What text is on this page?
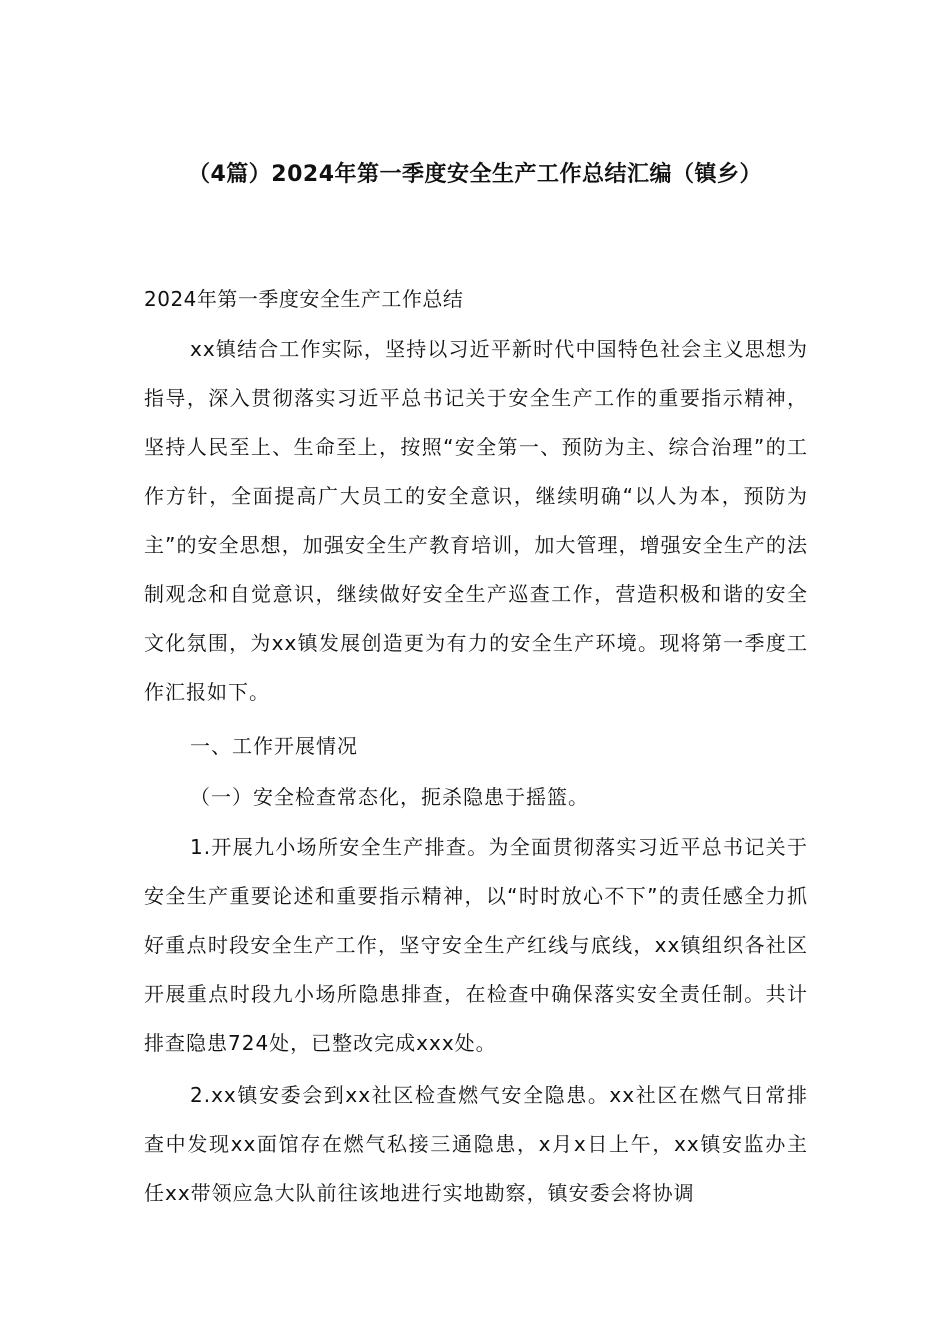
（4篇）2024年第一季度安全生产工作总结汇编（镇乡）
2024年第一季度安全生产工作总结

xx镇结合工作实际，坚持以习近平新时代中国特色社会主义思想为指导，深入贯彻落实习近平总书记关于安全生产工作的重要指示精神，坚持人民至上、生命至上，按照“安全第一、预防为主、综合治理”的工作方针，全面提高广大员工的安全意识，继续明确“以人为本，预防为主”的安全思想，加强安全生产教育培训，加大管理，增强安全生产的法制观念和自觉意识，继续做好安全生产巡查工作，营造积极和谐的安全文化氛围，为xx镇发展创造更为有力的安全生产环境。现将第一季度工作汇报如下。

一、工作开展情况
（一）安全检查常态化，扼杀隐患于摇篮。

1.开展九小场所安全生产排查。为全面贯彻落实习近平总书记关于安全生产重要论述和重要指示精神，以“时时放心不下”的责任感全力抓好重点时段安全生产工作，坚守安全生产红线与底线，xx镇组织各社区开展重点时段九小场所隐患排查，在检查中确保落实安全责任制。共计排查隐患724处，已整改完成xxx处。

2.xx镇安委会到xx社区检查燃气安全隐患。xx社区在燃气日常排查中发现xx面馆存在燃气私接三通隐患，x月x日上午，xx镇安监办主任xx带领应急大队前往该地进行实地勘察，镇安委会将协调
